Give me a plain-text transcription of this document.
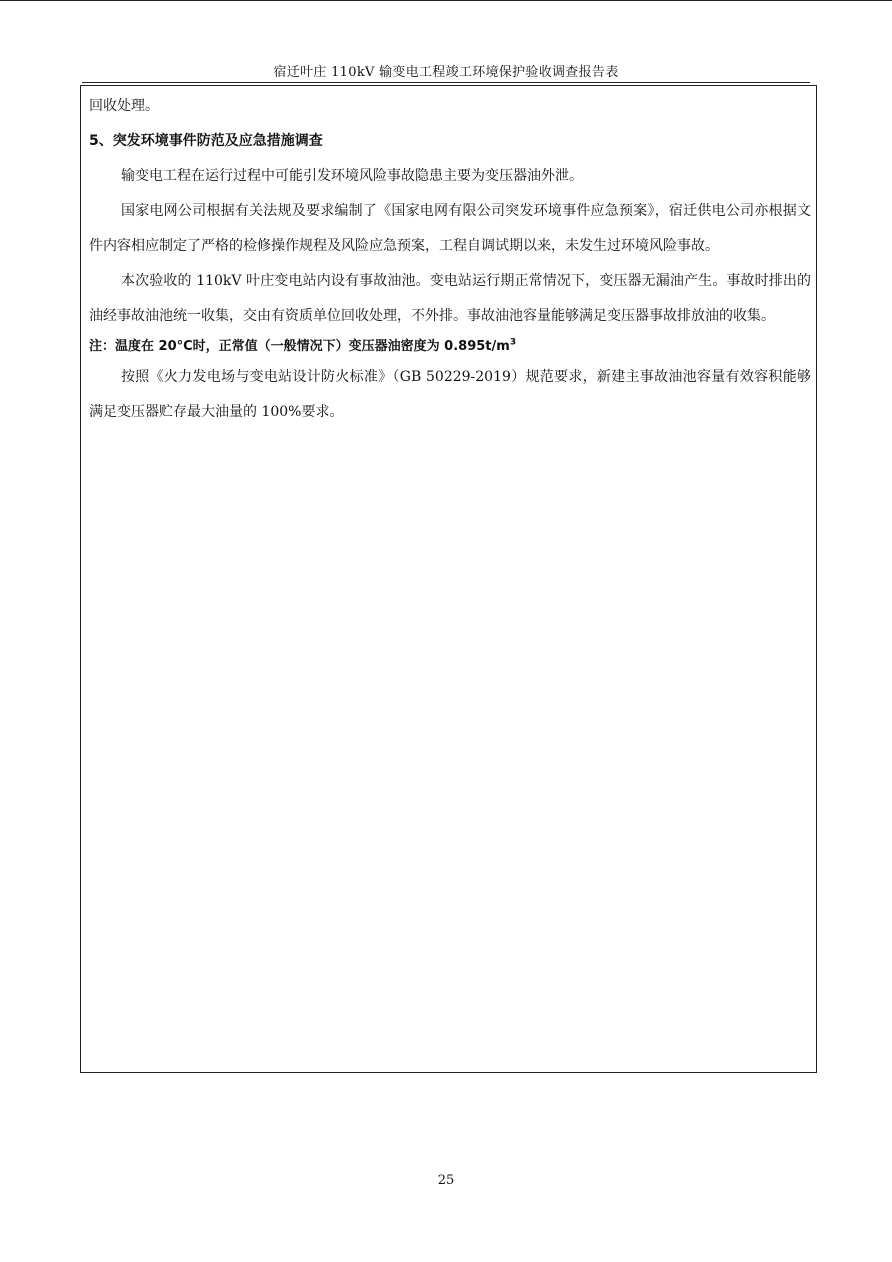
宿迁叶庄 110kV 输变电工程竣工环境保护验收调查报告表

回收处理。

5、突发环境事件防范及应急措施调查

输变电工程在运行过程中可能引发环境风险事故隐患主要为变压器油外泄。

国家电网公司根据有关法规及要求编制了《国家电网有限公司突发环境事件应急预案》，宿迁供电公司亦根据文件内容相应制定了严格的检修操作规程及风险应急预案，工程自调试期以来，未发生过环境风险事故。

本次验收的 110kV 叶庄变电站内设有事故油池。变电站运行期正常情况下，变压器无漏油产生。事故时排出的油经事故油池统一收集，交由有资质单位回收处理，不外排。事故油池容量能够满足变压器事故排放油的收集。

注：温度在 20°C时，正常值（一般情况下）变压器油密度为 $0.895t/m^3$

按照《火力发电场与变电站设计防火标准》（GB 50229-2019）规范要求，新建主事故油池容量有效容积能够满足变压器贮存最大油量的 100%要求。

25
